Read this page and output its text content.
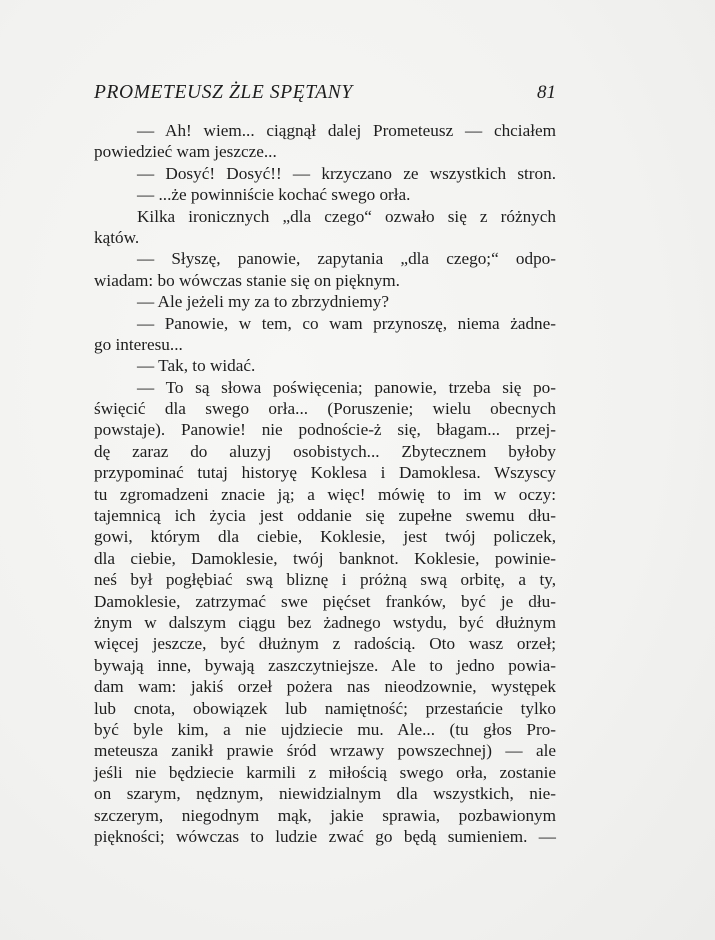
PROMETEUSZ ŻLE SPĘTANY	81
— Ah! wiem... ciągnął dalej Prometeusz — chciałem
powiedzieć wam jeszcze...
— Dosyć! Dosyć!! — krzyczano ze wszystkich stron.
— ...że powinniście kochać swego orła.
Kilka ironicznych „dla czego“ ozwało się z różnych
kątów.
— Słyszę, panowie, zapytania „dla czego;“ odpo-
wiadam: bo wówczas stanie się on pięknym.
— Ale jeżeli my za to zbrzydniemy?
— Panowie, w tem, co wam przynoszę, niema żadne-
go interesu...
— Tak, to widać.
— To są słowa poświęcenia; panowie, trzeba się po-
święcić dla swego orła... (Poruszenie; wielu obecnych
powstaje). Panowie! nie podnoście-ż się, błagam... przej-
dę zaraz do aluzyj osobistych... Zbytecznem byłoby
przypominać tutaj historyę Koklesa i Damoklesa. Wszyscy
tu zgromadzeni znacie ją; a więc! mówię to im w oczy:
tajemnicą ich życia jest oddanie się zupełne swemu dłu-
gowi, którym dla ciebie, Koklesie, jest twój policzek,
dla ciebie, Damoklesie, twój banknot. Koklesie, powinie-
neś był pogłębiać swą bliznę i próżną swą orbitę, a ty,
Damoklesie, zatrzymać swe pięćset franków, być je dłu-
żnym w dalszym ciągu bez żadnego wstydu, być dłużnym
więcej jeszcze, być dłużnym z radością. Oto wasz orzeł;
bywają inne, bywają zaszczytniejsze. Ale to jedno powia-
dam wam: jakiś orzeł pożera nas nieodzownie, występek
lub cnota, obowiązek lub namiętność; przestańcie tylko
być byle kim, a nie ujdziecie mu. Ale... (tu głos Pro-
meteusza zanikł prawie śród wrzawy powszechnej) — ale
jeśli nie będziecie karmili z miłością swego orła, zostanie
on szarym, nędznym, niewidzialnym dla wszystkich, nie-
szczerym, niegodnym mąk, jakie sprawia, pozbawionym
piękności; wówczas to ludzie zwać go będą sumieniem. —
